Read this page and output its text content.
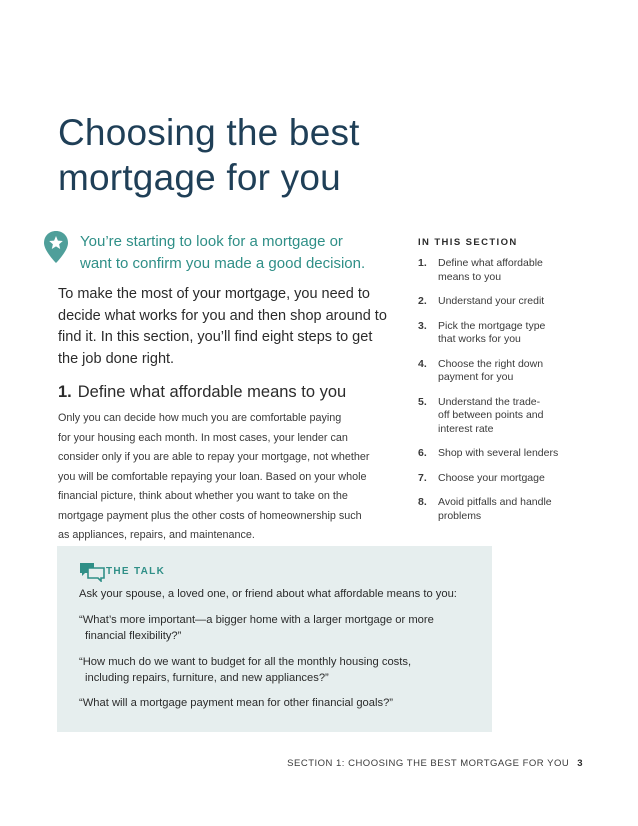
Choosing the best
mortgage for you

You’re starting to look for a mortgage or
want to confirm you made a good decision.

To make the most of your mortgage, you need to
decide what works for you and then shop around to
find it. In this section, you’ll find eight steps to get
the job done right.

1. Define what affordable means to you

Only you can decide how much you are comfortable paying
for your housing each month. In most cases, your lender can
consider only if you are able to repay your mortgage, not whether
you will be comfortable repaying your loan. Based on your whole
financial picture, think about whether you want to take on the
mortgage payment plus the other costs of homeownership such
as appliances, repairs, and maintenance.

IN THIS SECTION
1.	Define what affordable
means to you
2.	Understand your credit
3.	Pick the mortgage type
that works for you
4.	Choose the right down
payment for you
5.	Understand the trade-
off between points and
interest rate
6.	Shop with several lenders
7.	Choose your mortgage
8.	Avoid pitfalls and handle
problems
THE TALK

Ask your spouse, a loved one, or friend about what affordable means to you:

“What’s more important—a bigger home with a larger mortgage or more
financial flexibility?”

“How much do we want to budget for all the monthly housing costs,
including repairs, furniture, and new appliances?”

“What will a mortgage payment mean for other financial goals?”

SECTION 1: CHOOSING THE BEST MORTGAGE FOR YOU 3
